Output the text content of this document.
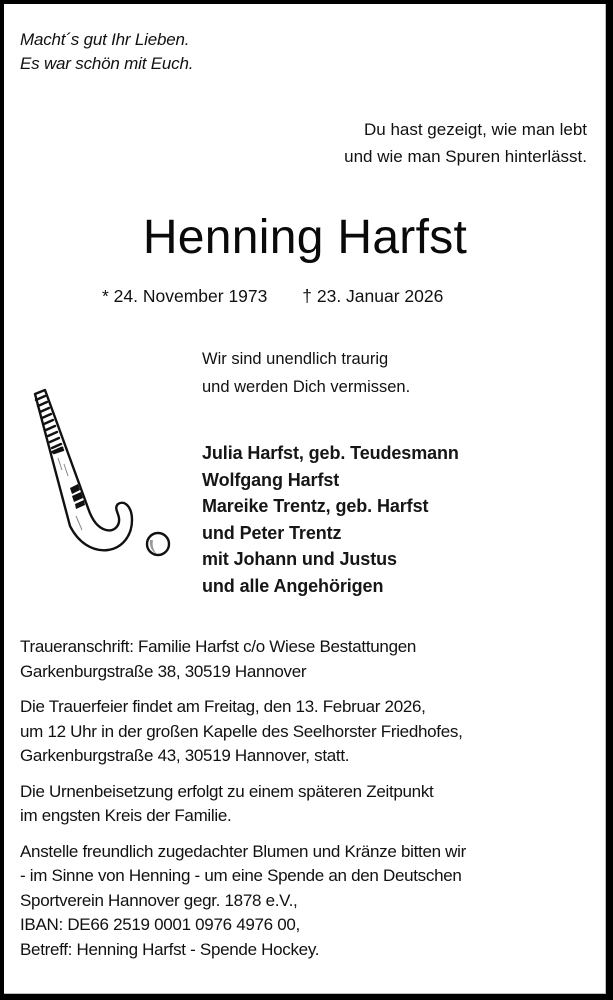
Macht´s gut Ihr Lieben.
Es war schön mit Euch.
Du hast gezeigt, wie man lebt
und wie man Spuren hinterlässt.
Henning Harfst
* 24. November 1973 † 23. Januar 2026
Wir sind unendlich traurig
und werden Dich vermissen.
Julia Harfst, geb. Teudesmann
Wolfgang Harfst
Mareike Trentz, geb. Harfst
und Peter Trentz
mit Johann und Justus
und alle Angehörigen
Traueranschrift: Familie Harfst c/o Wiese Bestattungen
Garkenburgstraße 38, 30519 Hannover
Die Trauerfeier findet am Freitag, den 13. Februar 2026,
um 12 Uhr in der großen Kapelle des Seelhorster Friedhofes,
Garkenburgstraße 43, 30519 Hannover, statt.
Die Urnenbeisetzung erfolgt zu einem späteren Zeitpunkt
im engsten Kreis der Familie.
Anstelle freundlich zugedachter Blumen und Kränze bitten wir
- im Sinne von Henning - um eine Spende an den Deutschen
Sportverein Hannover gegr. 1878 e.V.,
IBAN: DE66 2519 0001 0976 4976 00,
Betreff: Henning Harfst - Spende Hockey.
